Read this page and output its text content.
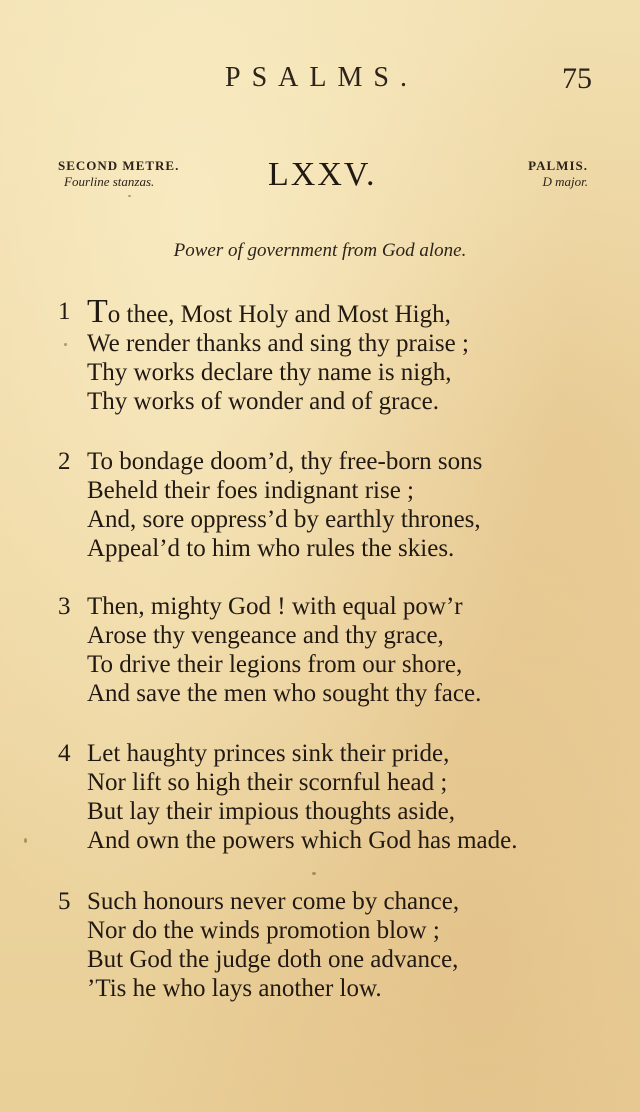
PSALMS.	75
SECOND METRE.
Fourline stanzas.	LXXV.	PALMIS.
D major.
Power of government from God alone.
1 To thee, Most Holy and Most High,
We render thanks and sing thy praise ;
Thy works declare thy name is nigh,
Thy works of wonder and of grace.
2 To bondage doom’d, thy free-born sons
Beheld their foes indignant rise ;
And, sore oppress’d by earthly thrones,
Appeal’d to him who rules the skies.
3 Then, mighty God ! with equal pow’r
Arose thy vengeance and thy grace,
To drive their legions from our shore,
And save the men who sought thy face.
4 Let haughty princes sink their pride,
Nor lift so high their scornful head ;
But lay their impious thoughts aside,
And own the powers which God has made.
5 Such honours never come by chance,
Nor do the winds promotion blow ;
But God the judge doth one advance,
’Tis he who lays another low.
